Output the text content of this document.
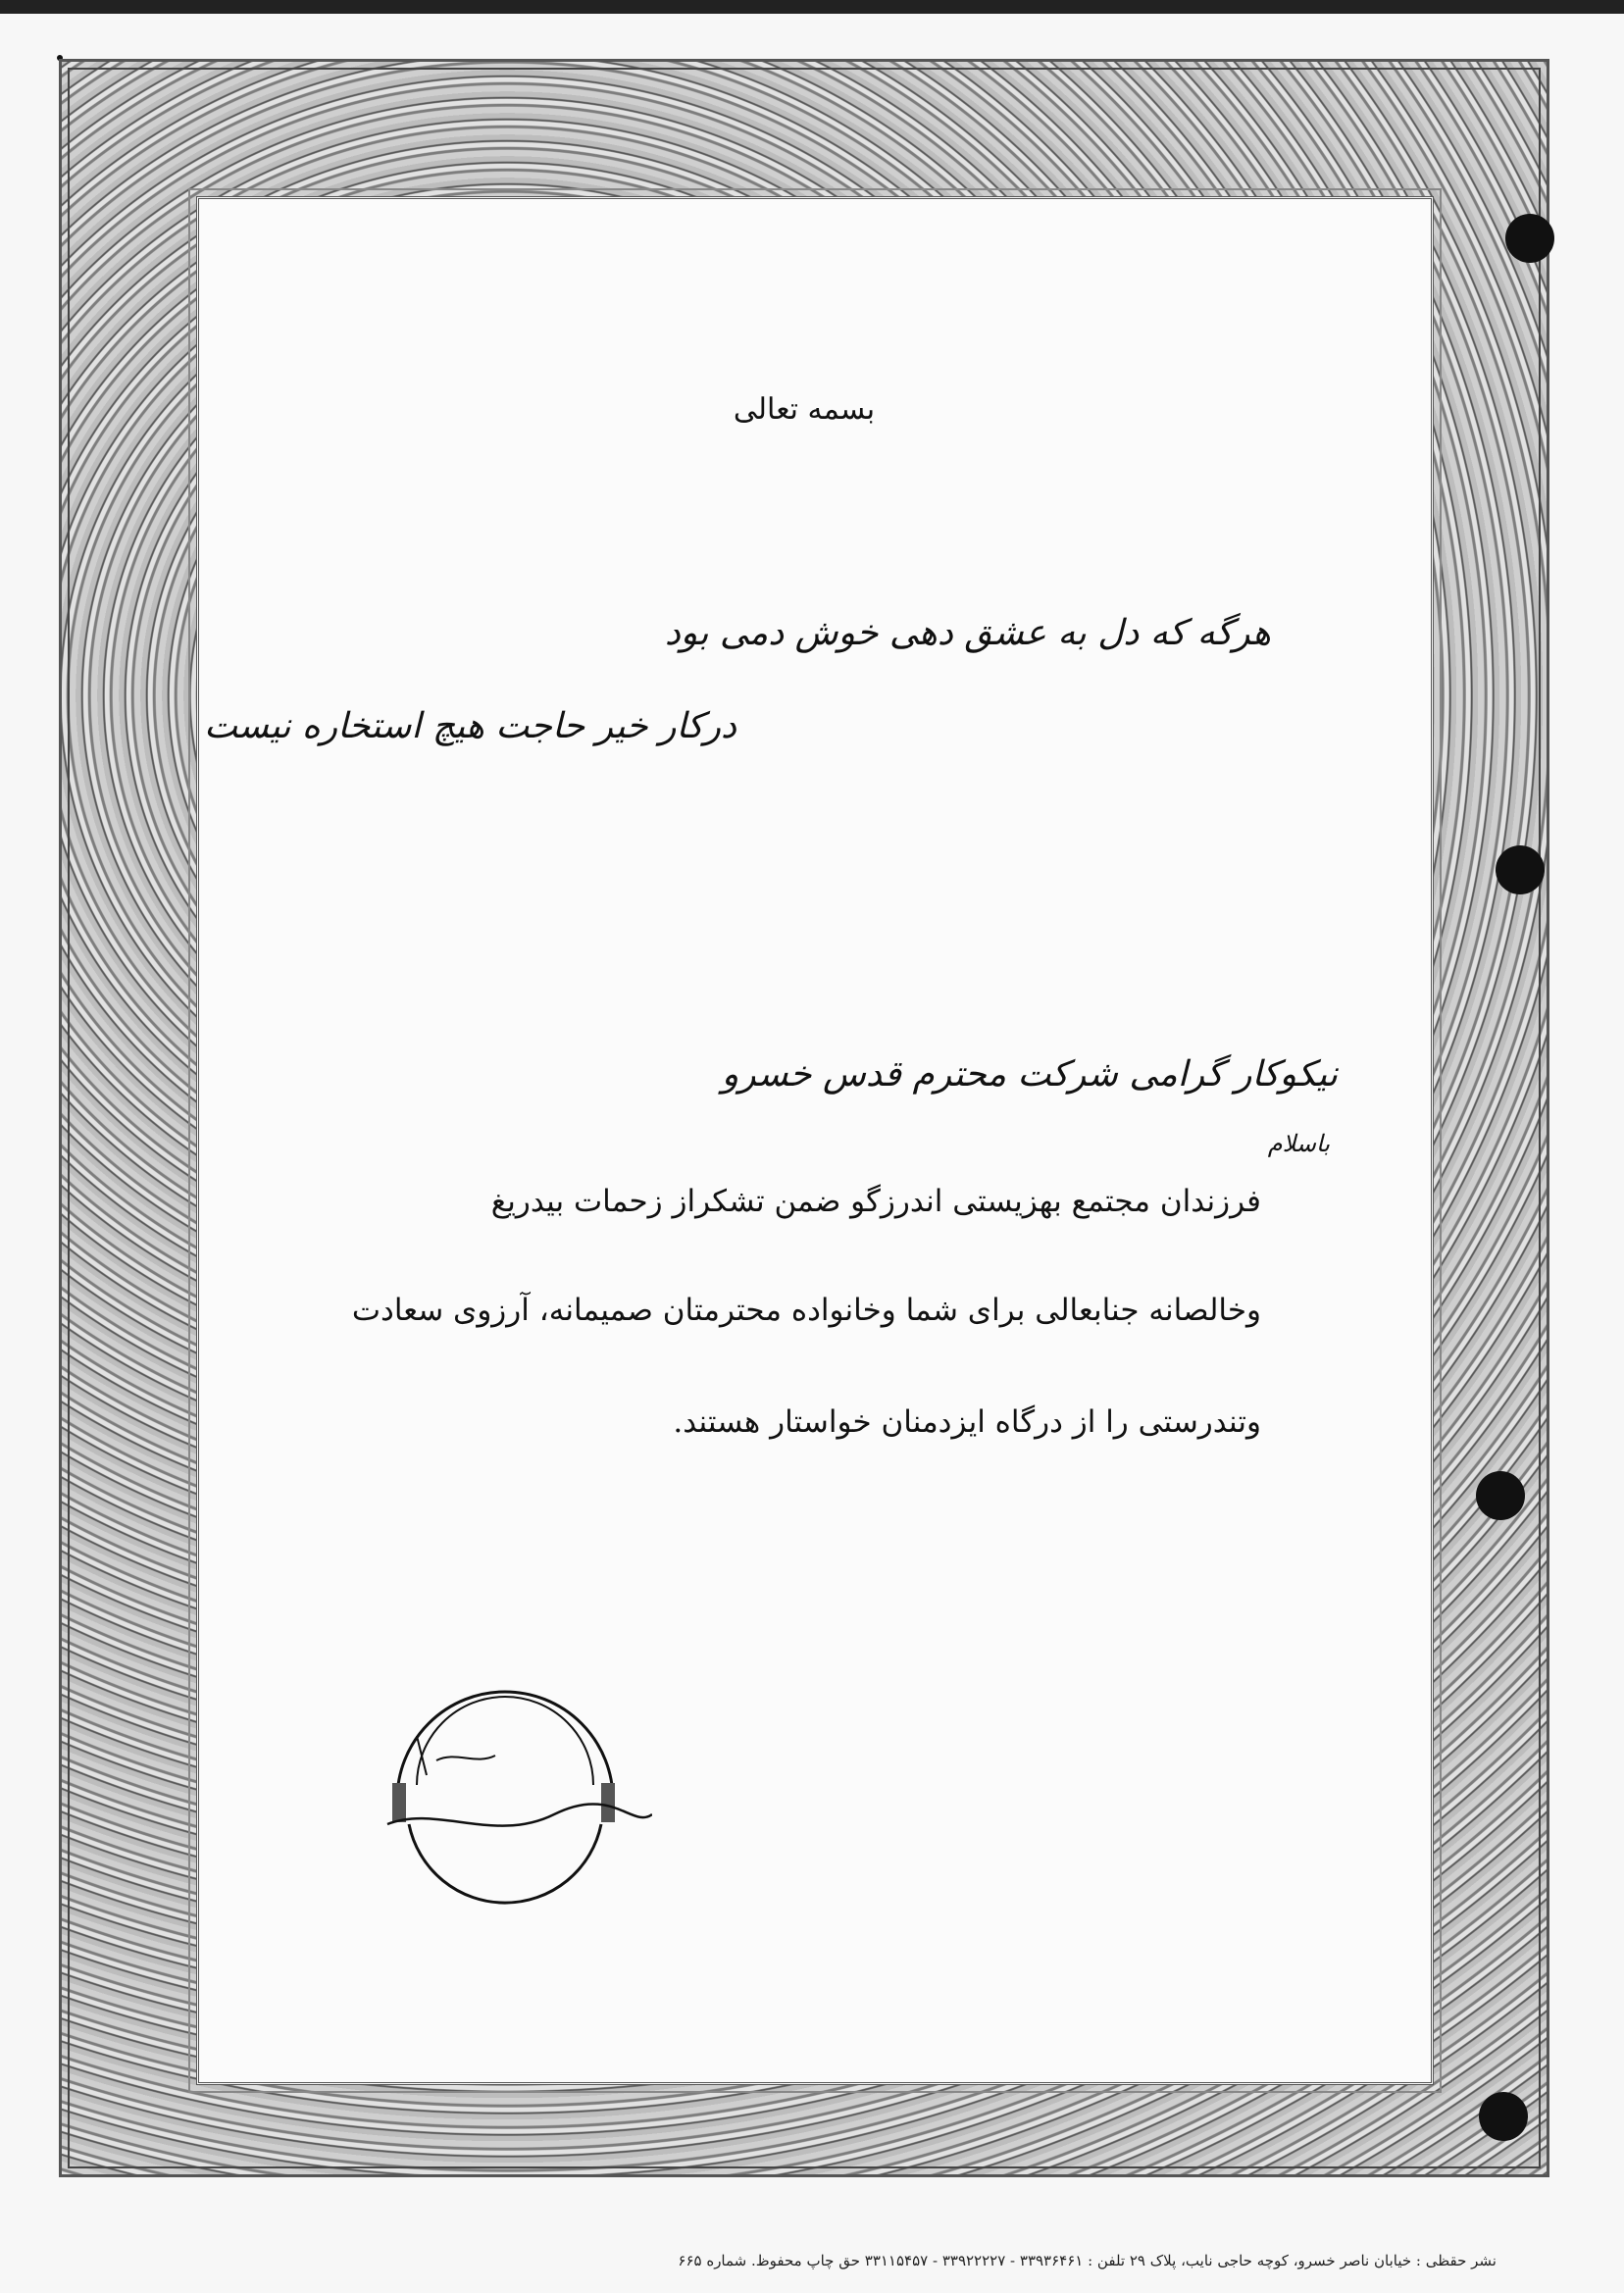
بسمه تعالی
هرگه که دل به عشق دهی خوش دمی بود
درکار خیر حاجت هیچ استخاره نیست
نیکوکار گرامی شرکت محترم قدس خسرو
باسلام
فرزندان مجتمع بهزیستی اندرزگو ضمن تشکراز زحمات بیدریغ
وخالصانه جنابعالی برای شما وخانواده محترمتان صمیمانه، آرزوی سعادت
وتندرستی را از درگاه ایزدمنان خواستار هستند.
نشر حقظی : خیابان ناصر خسرو، کوچه حاجی نایب، پلاک ۲۹ تلفن : ۳۳۹۳۶۴۶۱ - ۳۳۹۲۲۲۲۷ - ۳۳۱۱۵۴۵۷ حق چاپ محفوظ. شماره ۶۶۵
